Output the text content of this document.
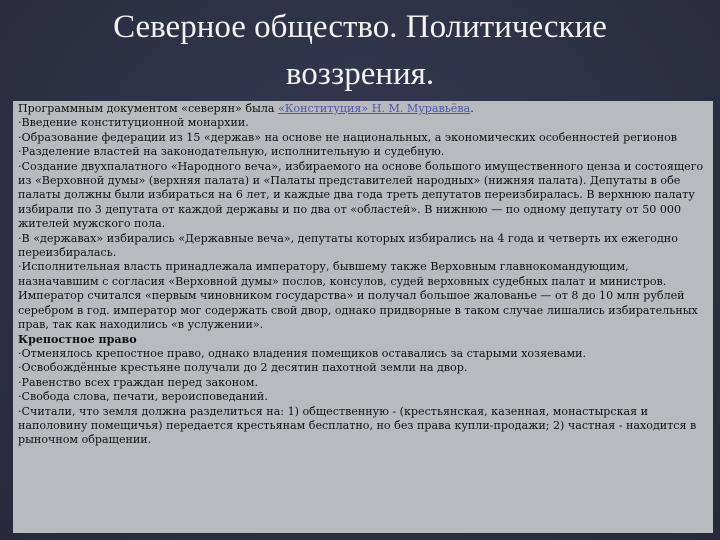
Северное общество. Политические
воззрения.

Программным документом «северян» была «Конституция» Н. М. Муравьёва.

· Введение конституционной монархии.

· Образование федерации из 15 «держав» на основе не национальных, а экономических особенностей регионов

· Разделение властей на законодательную, исполнительную и судебную.

· Создание двухпалатного «Народного веча», избираемого на основе большого имущественного ценза и состоящего из «Верховной думы» (верхняя палата) и «Палаты представителей народных» (нижняя палата). Депутаты в обе палаты должны были избираться на 6 лет, и каждые два года треть депутатов переизбиралась. В верхнюю палату избирали по 3 депутата от каждой державы и по два от «областей». В нижнюю — по одному депутату от 50 000 жителей мужского пола.

· В «державах» избирались «Державные веча», депутаты которых избирались на 4 года и четверть их ежегодно переизбиралась.

· Исполнительная власть принадлежала императору, бывшему также Верховным главнокомандующим, назначавшим с согласия «Верховной думы» послов, консулов, судей верховных судебных палат и министров. Император считался «первым чиновником государства» и получал большое жалованье — от 8 до 10 млн рублей серебром в год. император мог содержать свой двор, однако придворные в таком случае лишались избирательных прав, так как находились «в услужении».

Крепостное право

· Отменялось крепостное право, однако владения помещиков оставались за старыми хозяевами.

· Освобождённые крестьяне получали до 2 десятин пахотной земли на двор.

· Равенство всех граждан перед законом.

· Свобода слова, печати, вероисповеданий.

· Считали, что земля должна разделиться на: 1) общественную - (крестьянская, казенная, монастырская и наполовину помещичья) передается крестьянам бесплатно, но без права купли-продажи; 2) частная - находится в рыночном обращении.
